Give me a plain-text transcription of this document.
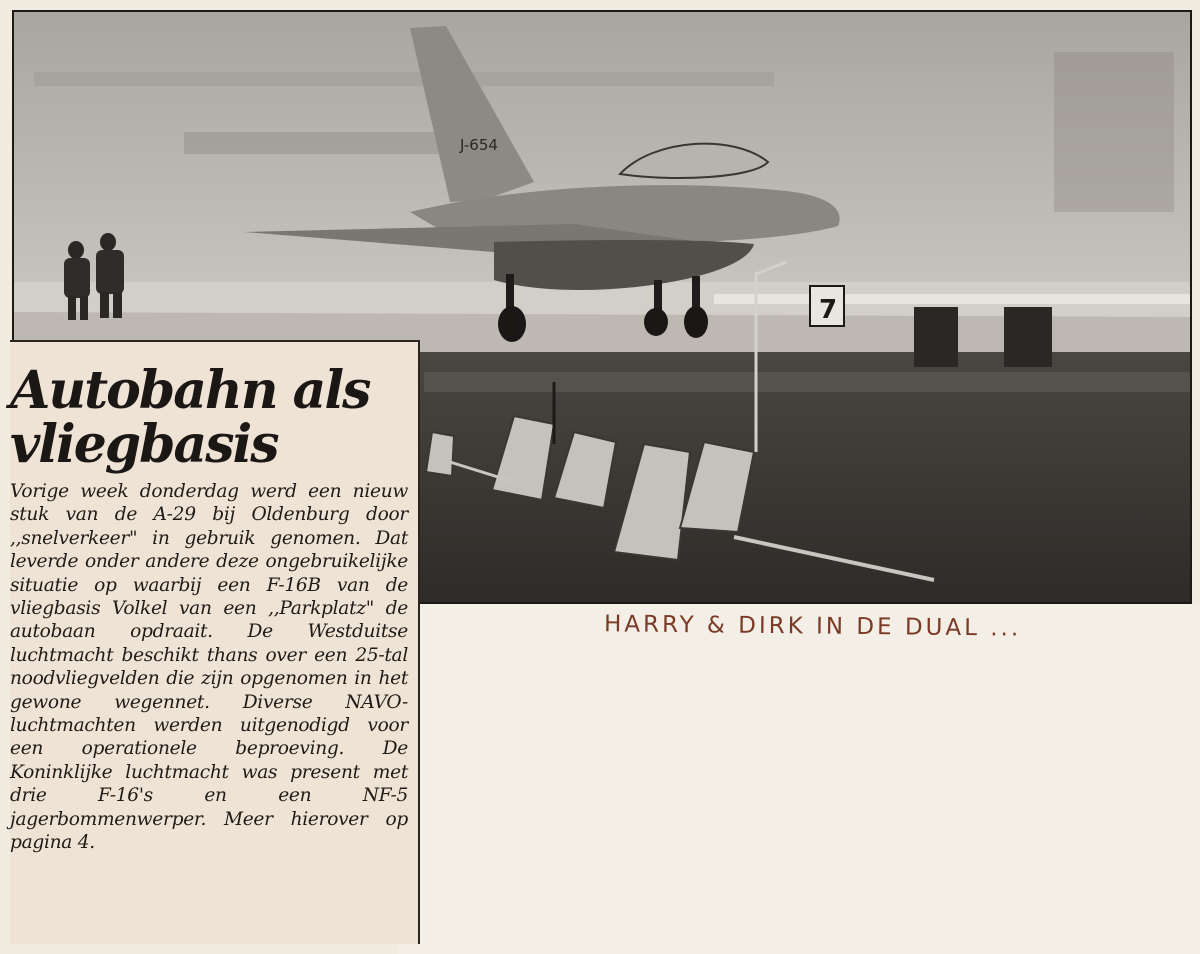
7
J-654
Autobahn als
vliegbasis

Vorige week donderdag werd een nieuw stuk van de A-29 bij Oldenburg door ,,snelverkeer" in gebruik genomen. Dat leverde onder andere deze ongebruikelijke situatie op waarbij een F-16B van de vliegbasis Volkel van een ,,Parkplatz" de autobaan opdraait. De Westduitse luchtmacht beschikt thans over een 25-tal noodvliegvelden die zijn opgenomen in het gewone wegennet. Diverse NAVO-luchtmachten werden uitgenodigd voor een operationele beproeving. De Koninklijke luchtmacht was present met drie F-16's en een NF-5 jagerbommenwerper. Meer hierover op pagina 4.

HARRY & DIRK IN DE DUAL ...
